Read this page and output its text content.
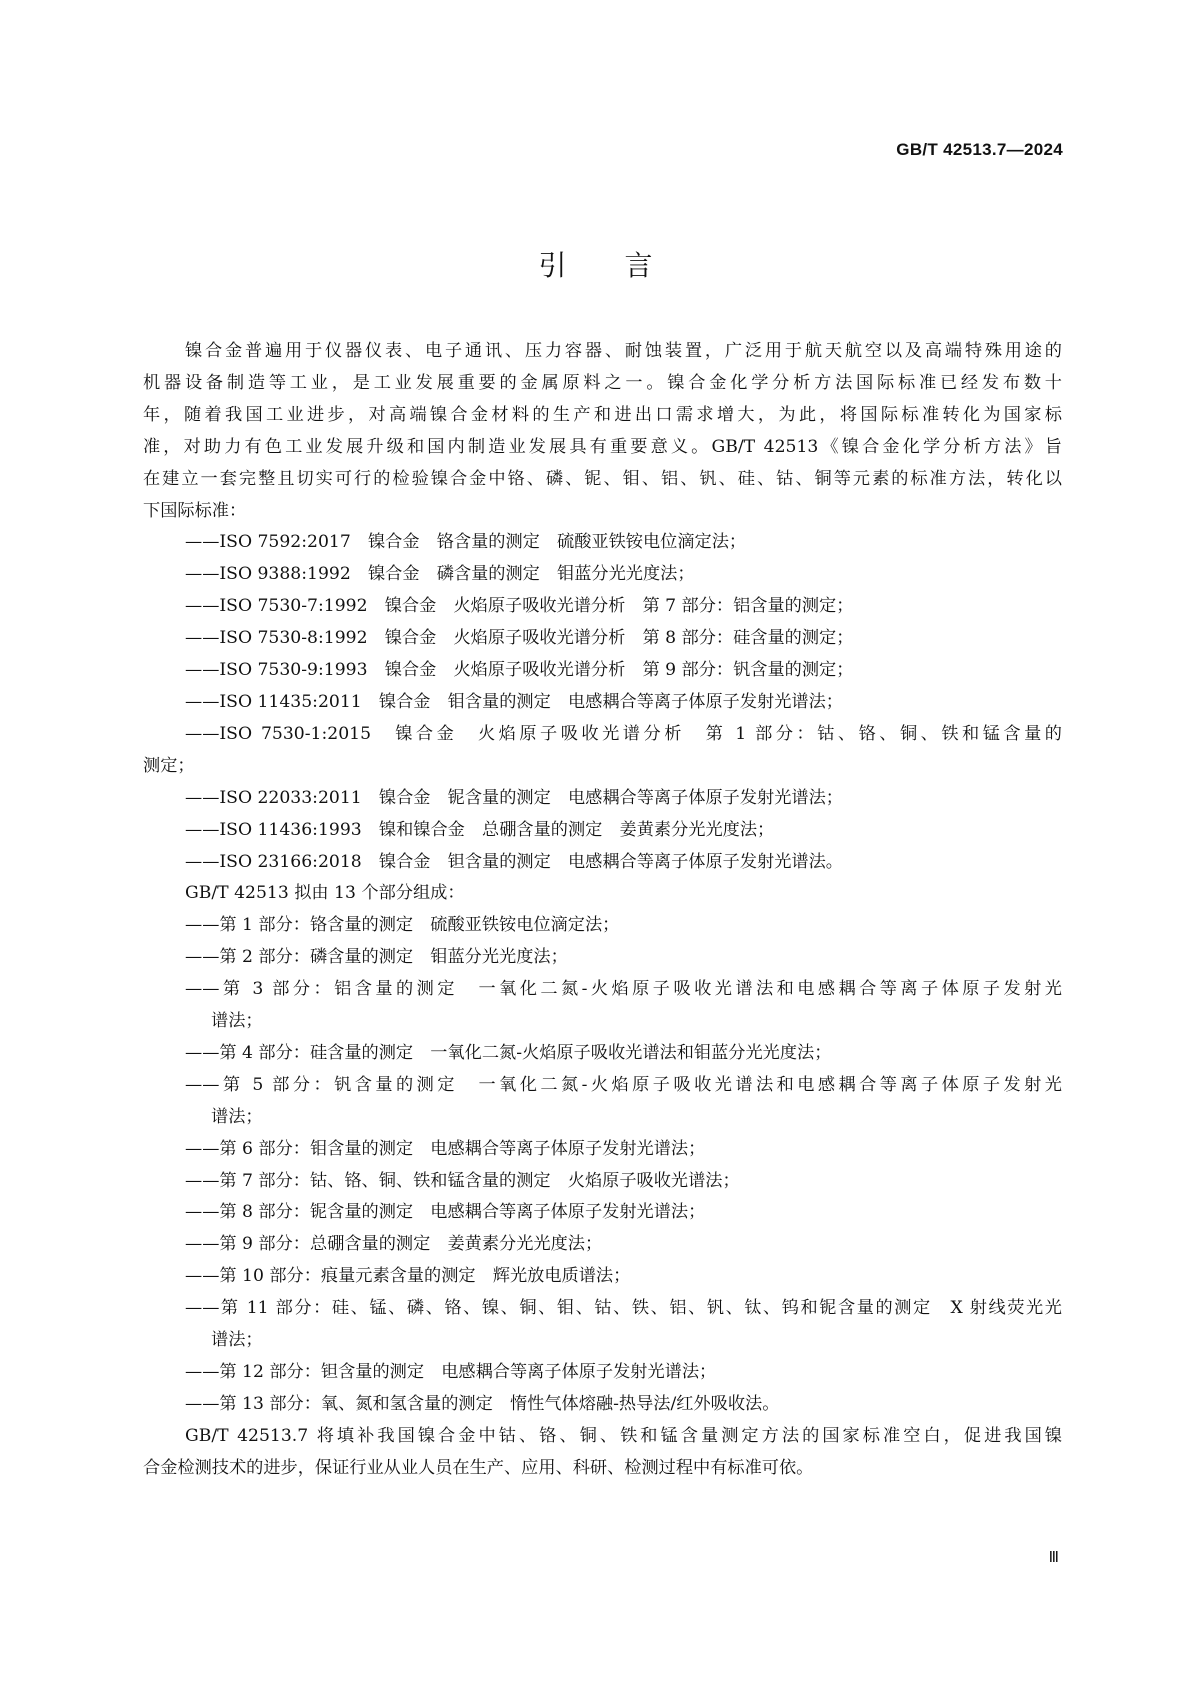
GB/T 42513.7—2024
引言

镍合金普遍用于仪器仪表、电子通讯、压力容器、耐蚀装置，广泛用于航天航空以及高端特殊用途的

机器设备制造等工业，是工业发展重要的金属原料之一。镍合金化学分析方法国际标准已经发布数十

年，随着我国工业进步，对高端镍合金材料的生产和进出口需求增大，为此，将国际标准转化为国家标

准，对助力有色工业发展升级和国内制造业发展具有重要意义。GB/T 42513《镍合金化学分析方法》旨

在建立一套完整且切实可行的检验镍合金中铬、磷、铌、钼、铝、钒、硅、钴、铜等元素的标准方法，转化以

下国际标准：

——ISO 7592:2017　镍合金　铬含量的测定　硫酸亚铁铵电位滴定法；

——ISO 9388:1992　镍合金　磷含量的测定　钼蓝分光光度法；

——ISO 7530-7:1992　镍合金　火焰原子吸收光谱分析　第 7 部分：铝含量的测定；

——ISO 7530-8:1992　镍合金　火焰原子吸收光谱分析　第 8 部分：硅含量的测定；

——ISO 7530-9:1993　镍合金　火焰原子吸收光谱分析　第 9 部分：钒含量的测定；

——ISO 11435:2011　镍合金　钼含量的测定　电感耦合等离子体原子发射光谱法；

——ISO 7530-1:2015　镍合金　火焰原子吸收光谱分析　第 1 部分：钴、铬、铜、铁和锰含量的

测定；

——ISO 22033:2011　镍合金　铌含量的测定　电感耦合等离子体原子发射光谱法；

——ISO 11436:1993　镍和镍合金　总硼含量的测定　姜黄素分光光度法；

——ISO 23166:2018　镍合金　钽含量的测定　电感耦合等离子体原子发射光谱法。

GB/T 42513 拟由 13 个部分组成：

——第 1 部分：铬含量的测定　硫酸亚铁铵电位滴定法；

——第 2 部分：磷含量的测定　钼蓝分光光度法；

——第 3 部分：铝含量的测定　一氧化二氮-火焰原子吸收光谱法和电感耦合等离子体原子发射光

谱法；

——第 4 部分：硅含量的测定　一氧化二氮-火焰原子吸收光谱法和钼蓝分光光度法；

——第 5 部分：钒含量的测定　一氧化二氮-火焰原子吸收光谱法和电感耦合等离子体原子发射光

谱法；

——第 6 部分：钼含量的测定　电感耦合等离子体原子发射光谱法；

——第 7 部分：钴、铬、铜、铁和锰含量的测定　火焰原子吸收光谱法；

——第 8 部分：铌含量的测定　电感耦合等离子体原子发射光谱法；

——第 9 部分：总硼含量的测定　姜黄素分光光度法；

——第 10 部分：痕量元素含量的测定　辉光放电质谱法；

——第 11 部分：硅、锰、磷、铬、镍、铜、钼、钴、铁、铝、钒、钛、钨和铌含量的测定　X 射线荧光光

谱法；

——第 12 部分：钽含量的测定　电感耦合等离子体原子发射光谱法；

——第 13 部分：氧、氮和氢含量的测定　惰性气体熔融-热导法/红外吸收法。

GB/T 42513.7 将填补我国镍合金中钴、铬、铜、铁和锰含量测定方法的国家标准空白，促进我国镍

合金检测技术的进步，保证行业从业人员在生产、应用、科研、检测过程中有标准可依。

Ⅲ
